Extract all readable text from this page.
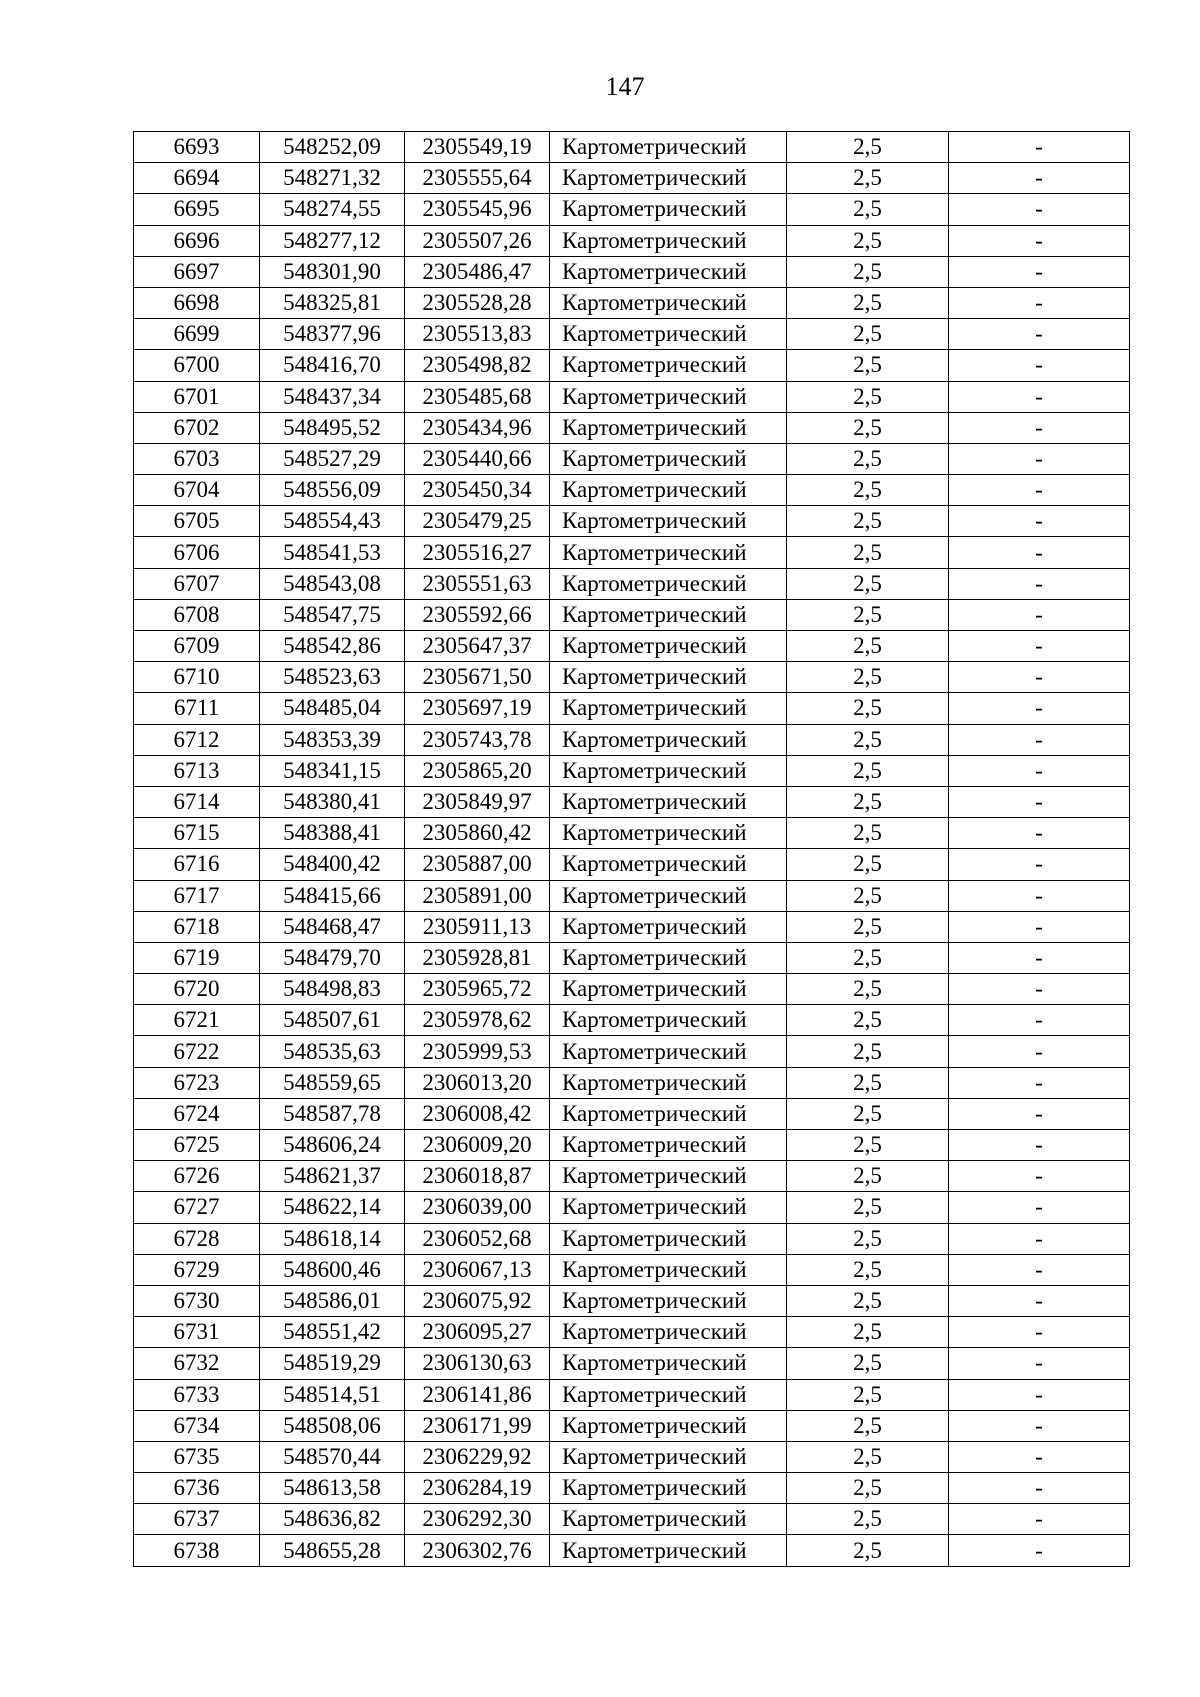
147
6693	548252,09	2305549,19	Картометрический	2,5	-
6694	548271,32	2305555,64	Картометрический	2,5	-
6695	548274,55	2305545,96	Картометрический	2,5	-
6696	548277,12	2305507,26	Картометрический	2,5	-
6697	548301,90	2305486,47	Картометрический	2,5	-
6698	548325,81	2305528,28	Картометрический	2,5	-
6699	548377,96	2305513,83	Картометрический	2,5	-
6700	548416,70	2305498,82	Картометрический	2,5	-
6701	548437,34	2305485,68	Картометрический	2,5	-
6702	548495,52	2305434,96	Картометрический	2,5	-
6703	548527,29	2305440,66	Картометрический	2,5	-
6704	548556,09	2305450,34	Картометрический	2,5	-
6705	548554,43	2305479,25	Картометрический	2,5	-
6706	548541,53	2305516,27	Картометрический	2,5	-
6707	548543,08	2305551,63	Картометрический	2,5	-
6708	548547,75	2305592,66	Картометрический	2,5	-
6709	548542,86	2305647,37	Картометрический	2,5	-
6710	548523,63	2305671,50	Картометрический	2,5	-
6711	548485,04	2305697,19	Картометрический	2,5	-
6712	548353,39	2305743,78	Картометрический	2,5	-
6713	548341,15	2305865,20	Картометрический	2,5	-
6714	548380,41	2305849,97	Картометрический	2,5	-
6715	548388,41	2305860,42	Картометрический	2,5	-
6716	548400,42	2305887,00	Картометрический	2,5	-
6717	548415,66	2305891,00	Картометрический	2,5	-
6718	548468,47	2305911,13	Картометрический	2,5	-
6719	548479,70	2305928,81	Картометрический	2,5	-
6720	548498,83	2305965,72	Картометрический	2,5	-
6721	548507,61	2305978,62	Картометрический	2,5	-
6722	548535,63	2305999,53	Картометрический	2,5	-
6723	548559,65	2306013,20	Картометрический	2,5	-
6724	548587,78	2306008,42	Картометрический	2,5	-
6725	548606,24	2306009,20	Картометрический	2,5	-
6726	548621,37	2306018,87	Картометрический	2,5	-
6727	548622,14	2306039,00	Картометрический	2,5	-
6728	548618,14	2306052,68	Картометрический	2,5	-
6729	548600,46	2306067,13	Картометрический	2,5	-
6730	548586,01	2306075,92	Картометрический	2,5	-
6731	548551,42	2306095,27	Картометрический	2,5	-
6732	548519,29	2306130,63	Картометрический	2,5	-
6733	548514,51	2306141,86	Картометрический	2,5	-
6734	548508,06	2306171,99	Картометрический	2,5	-
6735	548570,44	2306229,92	Картометрический	2,5	-
6736	548613,58	2306284,19	Картометрический	2,5	-
6737	548636,82	2306292,30	Картометрический	2,5	-
6738	548655,28	2306302,76	Картометрический	2,5	-
